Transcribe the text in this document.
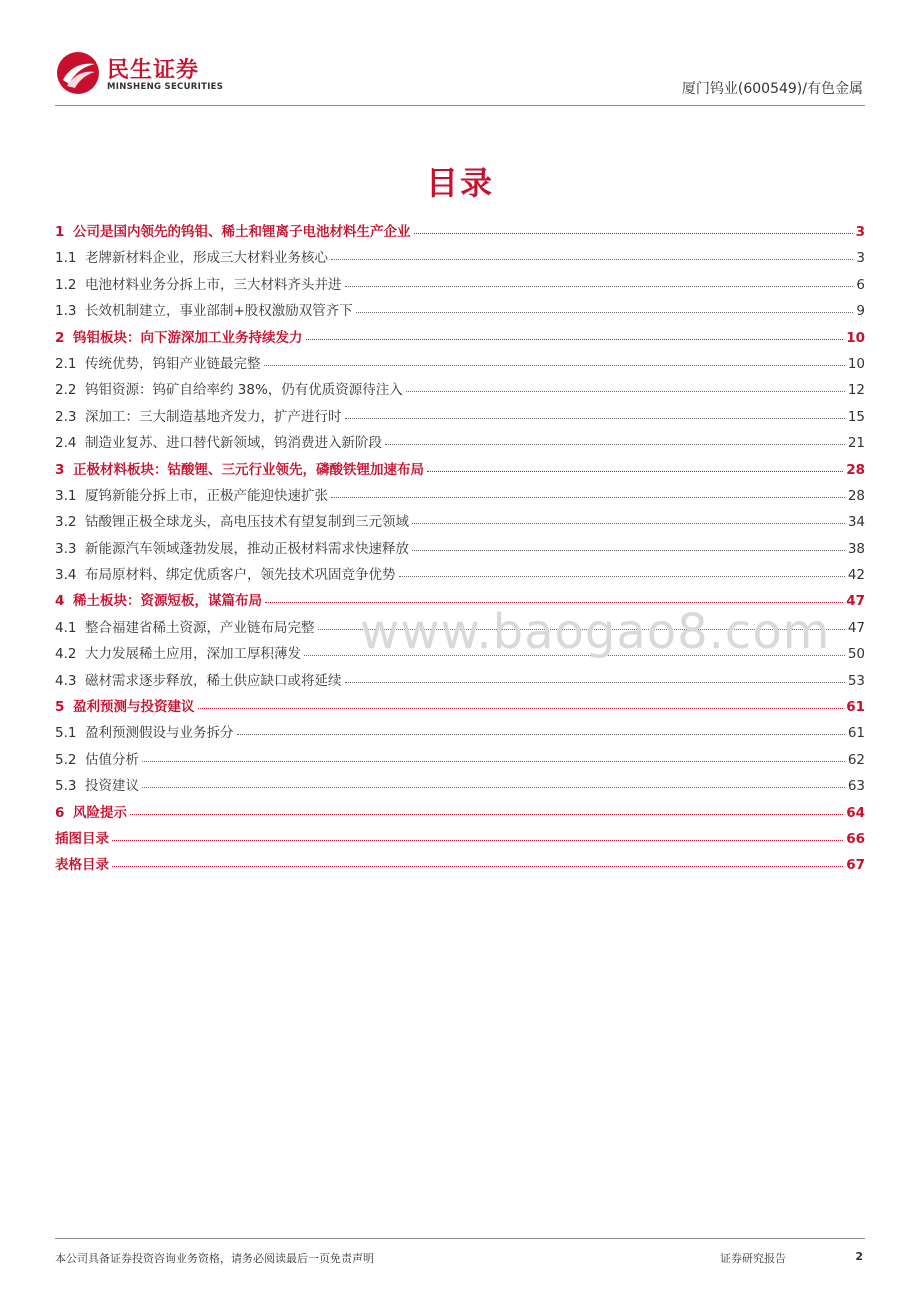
民生证券
MINSHENG SECURITIES	厦门钨业(600549)/有色金属
目录
1 公司是国内领先的钨钼、稀土和锂离子电池材料生产企业	3
1.1 老牌新材料企业，形成三大材料业务核心	3
1.2 电池材料业务分拆上市，三大材料齐头并进	6
1.3 长效机制建立，事业部制+股权激励双管齐下	9
2 钨钼板块：向下游深加工业务持续发力	10
2.1 传统优势，钨钼产业链最完整	10
2.2 钨钼资源：钨矿自给率约 38%，仍有优质资源待注入	12
2.3 深加工：三大制造基地齐发力，扩产进行时	15
2.4 制造业复苏、进口替代新领域，钨消费进入新阶段	21
3 正极材料板块：钴酸锂、三元行业领先，磷酸铁锂加速布局	28
3.1 厦钨新能分拆上市，正极产能迎快速扩张	28
3.2 钴酸锂正极全球龙头，高电压技术有望复制到三元领域	34
3.3 新能源汽车领域蓬勃发展，推动正极材料需求快速释放	38
3.4 布局原材料、绑定优质客户，领先技术巩固竞争优势	42
4 稀土板块：资源短板，谋篇布局	47
4.1 整合福建省稀土资源，产业链布局完整	47
4.2 大力发展稀土应用，深加工厚积薄发	50
4.3 磁材需求逐步释放，稀土供应缺口或将延续	53
5 盈利预测与投资建议	61
5.1 盈利预测假设与业务拆分	61
5.2 估值分析	62
5.3 投资建议	63
6 风险提示	64
插图目录	66
表格目录	67
www.baogao8.com
本公司具备证券投资咨询业务资格，请务必阅读最后一页免责声明	证券研究报告	2
